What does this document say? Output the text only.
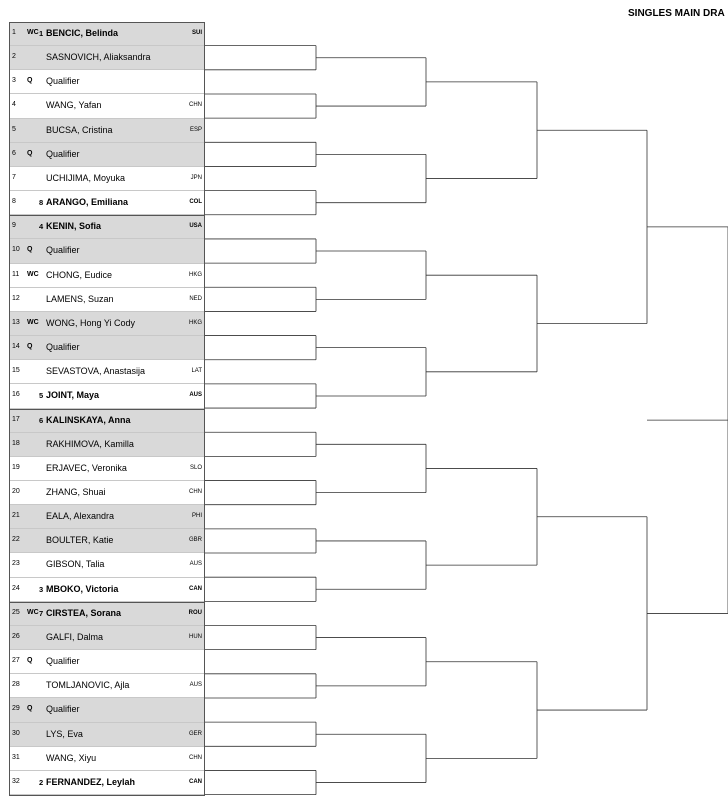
SINGLES MAIN DRA
1 WC 1 BENCIC, Belinda	SUI
2	SASNOVICH, Aliaksandra
3 Q Qualifier
4	WANG, Yafan	CHN
5	BUCSA, Cristina	ESP
6 Q Qualifier
7	UCHIJIMA, Moyuka	JPN
8	8 ARANGO, Emiliana	COL
9	4 KENIN, Sofia	USA
10 Q Qualifier
11 WC CHONG, Eudice	HKG
12	LAMENS, Suzan	NED
13 WC WONG, Hong Yi Cody	HKG
14 Q Qualifier
15	SEVASTOVA, Anastasija	LAT
16	5 JOINT, Maya	AUS
17	6 KALINSKAYA, Anna
18	RAKHIMOVA, Kamilla
19	ERJAVEC, Veronika	SLO
20	ZHANG, Shuai	CHN
21	EALA, Alexandra	PHI
22	BOULTER, Katie	GBR
23	GIBSON, Talia	AUS
24	3 MBOKO, Victoria	CAN
25 WC 7 CIRSTEA, Sorana	ROU
26	GALFI, Dalma	HUN
27 Q Qualifier
28	TOMLJANOVIC, Ajla	AUS
29 Q Qualifier
30	LYS, Eva	GER
31	WANG, Xiyu	CHN
32	2 FERNANDEZ, Leylah	CAN
